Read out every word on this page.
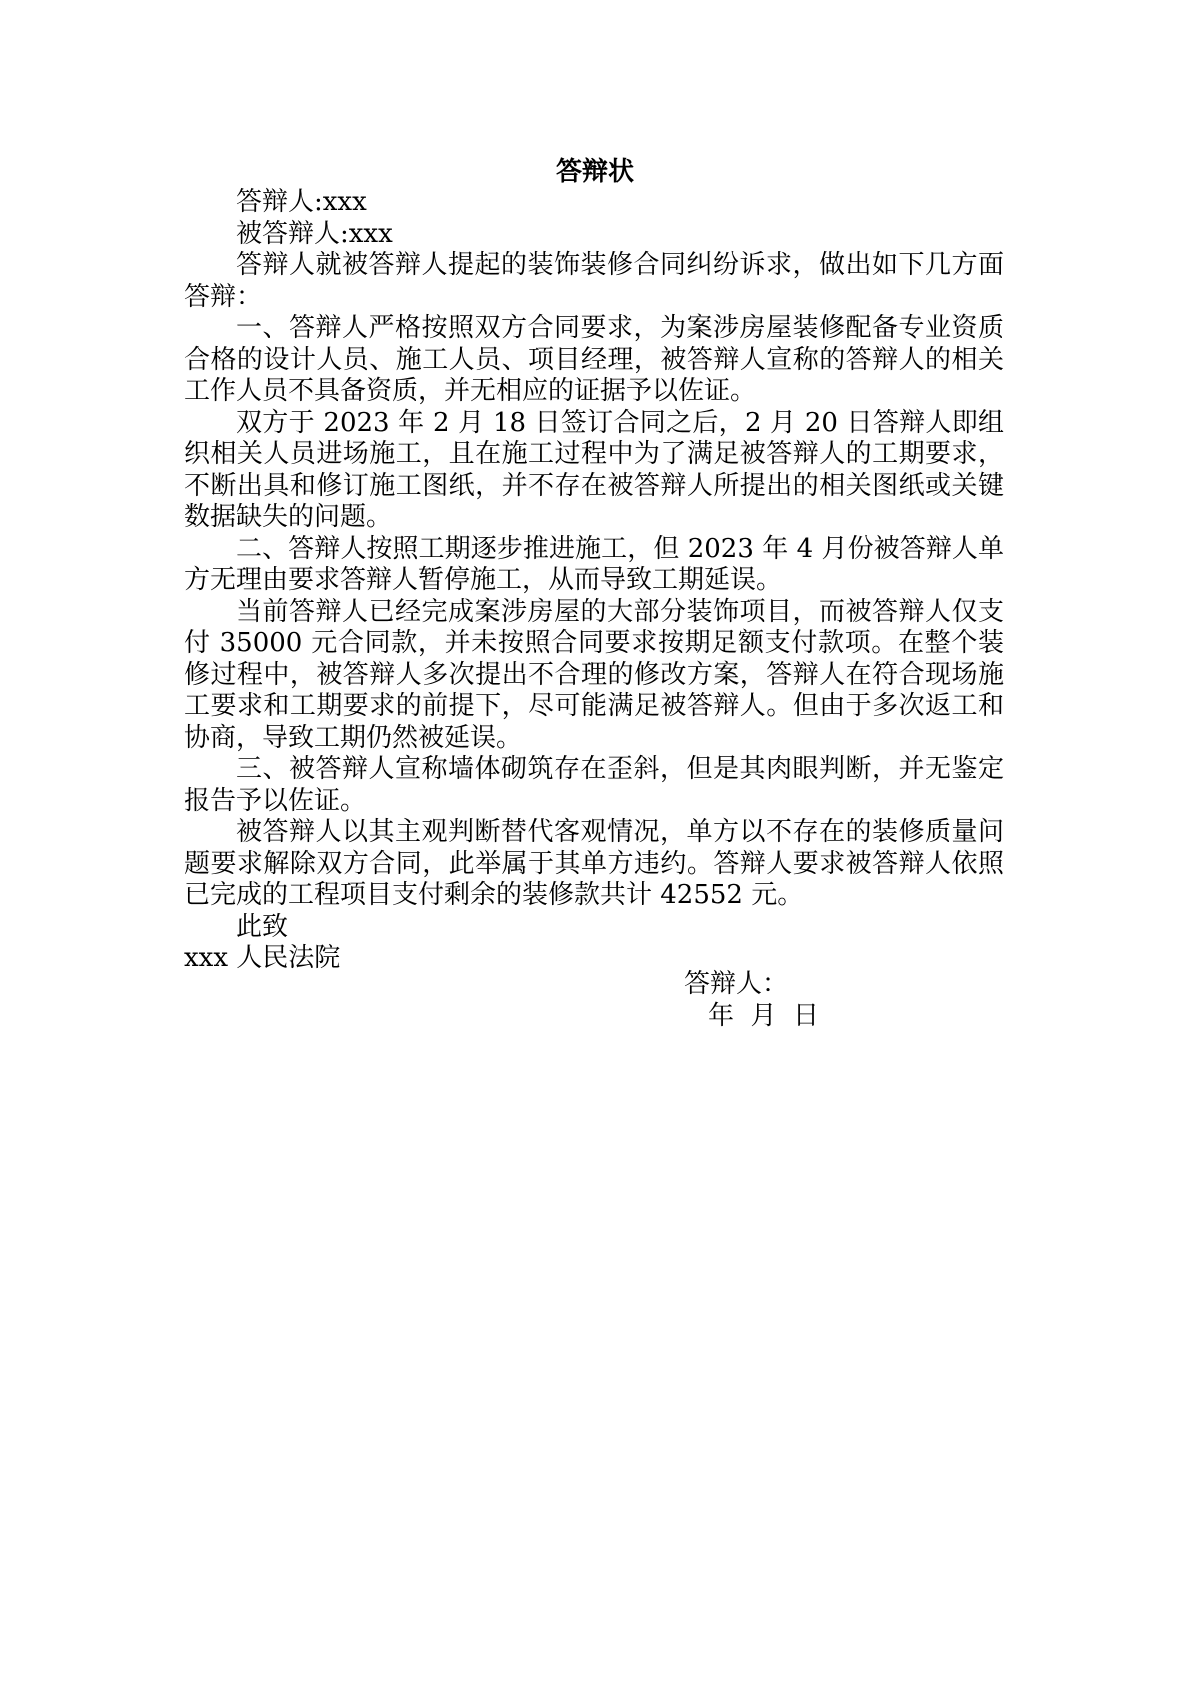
答辩状

答辩人:xxx

被答辩人:xxx

答辩人就被答辩人提起的装饰装修合同纠纷诉求，做出如下几方面答辩：

一、答辩人严格按照双方合同要求，为案涉房屋装修配备专业资质合格的设计人员、施工人员、项目经理，被答辩人宣称的答辩人的相关工作人员不具备资质，并无相应的证据予以佐证。

双方于 2023 年 2 月 18 日签订合同之后，2 月 20 日答辩人即组织相关人员进场施工，且在施工过程中为了满足被答辩人的工期要求，不断出具和修订施工图纸，并不存在被答辩人所提出的相关图纸或关键数据缺失的问题。

二、答辩人按照工期逐步推进施工，但 2023 年 4 月份被答辩人单方无理由要求答辩人暂停施工，从而导致工期延误。

当前答辩人已经完成案涉房屋的大部分装饰项目，而被答辩人仅支付 35000 元合同款，并未按照合同要求按期足额支付款项。在整个装修过程中，被答辩人多次提出不合理的修改方案，答辩人在符合现场施工要求和工期要求的前提下，尽可能满足被答辩人。但由于多次返工和协商，导致工期仍然被延误。

三、被答辩人宣称墙体砌筑存在歪斜，但是其肉眼判断，并无鉴定报告予以佐证。

被答辩人以其主观判断替代客观情况，单方以不存在的装修质量问题要求解除双方合同，此举属于其单方违约。答辩人要求被答辩人依照已完成的工程项目支付剩余的装修款共计 42552 元。

此致

xxx 人民法院

答辩人：
年  月  日
